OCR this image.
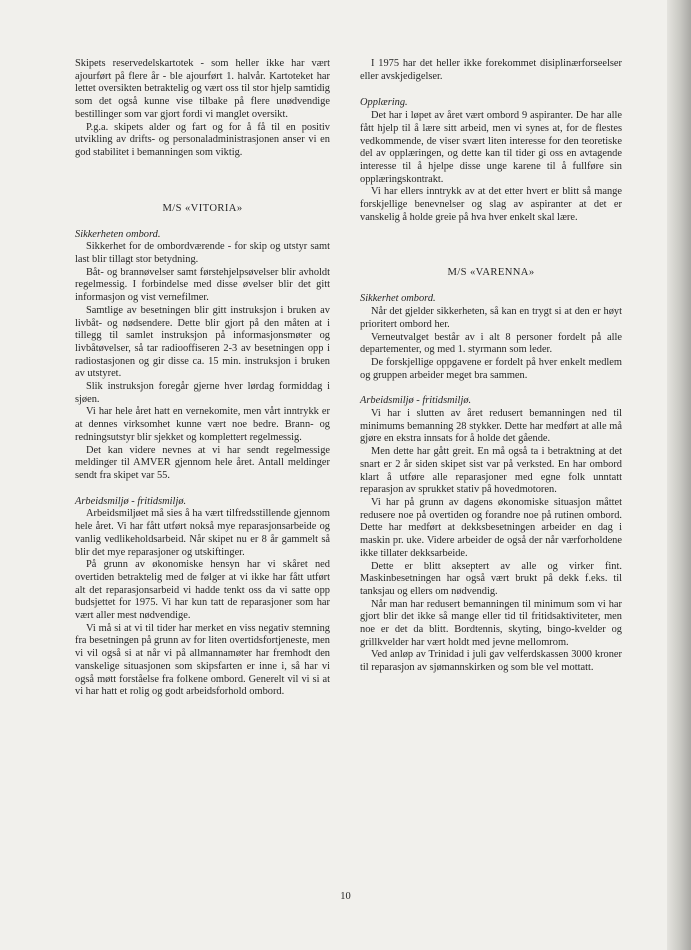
Skipets reservedelskartotek - som heller ikke har vært ajourført på flere år - ble ajourført 1. halvår. Kartoteket har lettet oversikten betraktelig og vært oss til stor hjelp samtidig som det også kunne vise tilbake på flere unødvendige bestillinger som var gjort fordi vi manglet oversikt.

P.g.a. skipets alder og fart og for å få til en positiv utvikling av drifts- og personaladministrasjonen anser vi en god stabilitet i bemanningen som viktig.

M/S «VITORIA»

Sikkerheten ombord.

Sikkerhet for de ombordværende - for skip og utstyr samt last blir tillagt stor betydning.

Båt- og brannøvelser samt førstehjelpsøvelser blir avholdt regelmessig. I forbindelse med disse øvelser blir det gitt informasjon og vist vernefilmer.

Samtlige av besetningen blir gitt instruksjon i bruken av livbåt- og nødsendere. Dette blir gjort på den måten at i tillegg til samlet instruksjon på informasjonsmøter og livbåtøvelser, så tar radiooffiseren 2-3 av besetningen opp i radiostasjonen og gir disse ca. 15 min. instruksjon i bruken av utstyret.

Slik instruksjon foregår gjerne hver lørdag formiddag i sjøen.

Vi har hele året hatt en vernekomite, men vårt inntrykk er at dennes virksomhet kunne vært noe bedre. Brann- og redningsutstyr blir sjekket og komplettert regelmessig.

Det kan videre nevnes at vi har sendt regelmessige meldinger til AMVER gjennom hele året. Antall meldinger sendt fra skipet var 55.

Arbeidsmiljø - fritidsmiljø.

Arbeidsmiljøet må sies å ha vært tilfredsstillende gjennom hele året. Vi har fått utført nokså mye reparasjonsarbeide og vanlig vedlikeholdsarbeid. Når skipet nu er 8 år gammelt så blir det mye reparasjoner og utskiftinger.

På grunn av økonomiske hensyn har vi skåret ned overtiden betraktelig med de følger at vi ikke har fått utført alt det reparasjonsarbeid vi hadde tenkt oss da vi satte opp budsjettet for 1975. Vi har kun tatt de reparasjoner som har vært aller mest nødvendige.

Vi må si at vi til tider har merket en viss negativ stemning fra besetningen på grunn av for liten overtidsfortjeneste, men vi vil også si at når vi på allmannamøter har fremhodt den vanskelige situasjonen som skipsfarten er inne i, så har vi også møtt forståelse fra folkene ombord. Generelt vil vi si at vi har hatt et rolig og godt arbeidsforhold ombord.

I 1975 har det heller ikke forekommet disiplinærforseelser eller avskjedigelser.

Opplæring.

Det har i løpet av året vært ombord 9 aspiranter. De har alle fått hjelp til å lære sitt arbeid, men vi synes at, for de flestes vedkommende, de viser svært liten interesse for den teoretiske del av opplæringen, og dette kan til tider gi oss en avtagende interesse til å hjelpe disse unge karene til å fullføre sin opplæringskontrakt.

Vi har ellers inntrykk av at det etter hvert er blitt så mange forskjellige benevnelser og slag av aspiranter at det er vanskelig å holde greie på hva hver enkelt skal lære.

M/S «VARENNA»

Sikkerhet ombord.

Når det gjelder sikkerheten, så kan en trygt si at den er høyt prioritert ombord her.

Verneutvalget består av i alt 8 personer fordelt på alle departementer, og med 1. styrmann som leder.

De forskjellige oppgavene er fordelt på hver enkelt medlem og gruppen arbeider meget bra sammen.

Arbeidsmiljø - fritidsmiljø.

Vi har i slutten av året redusert bemanningen ned til minimums bemanning 28 stykker. Dette har medført at alle må gjøre en ekstra innsats for å holde det gående.

Men dette har gått greit. En må også ta i betraktning at det snart er 2 år siden skipet sist var på verksted. En har ombord klart å utføre alle reparasjoner med egne folk unntatt reparasjon av sprukket stativ på hovedmotoren.

Vi har på grunn av dagens økonomiske situasjon måttet redusere noe på overtiden og forandre noe på rutinen ombord. Dette har medført at dekksbesetningen arbeider en dag i maskin pr. uke. Videre arbeider de også der når værforholdene ikke tillater dekksarbeide.

Dette er blitt akseptert av alle og virker fint. Maskinbesetningen har også vært brukt på dekk f.eks. til tanksjau og ellers om nødvendig.

Når man har redusert bemanningen til minimum som vi har gjort blir det ikke så mange eller tid til fritidsaktiviteter, men noe er det da blitt. Bordtennis, skyting, bingo-kvelder og grillkvelder har vært holdt med jevne mellomrom.

Ved anløp av Trinidad i juli gav velferdskassen 3000 kroner til reparasjon av sjømannskirken og som ble vel mottatt.

10
